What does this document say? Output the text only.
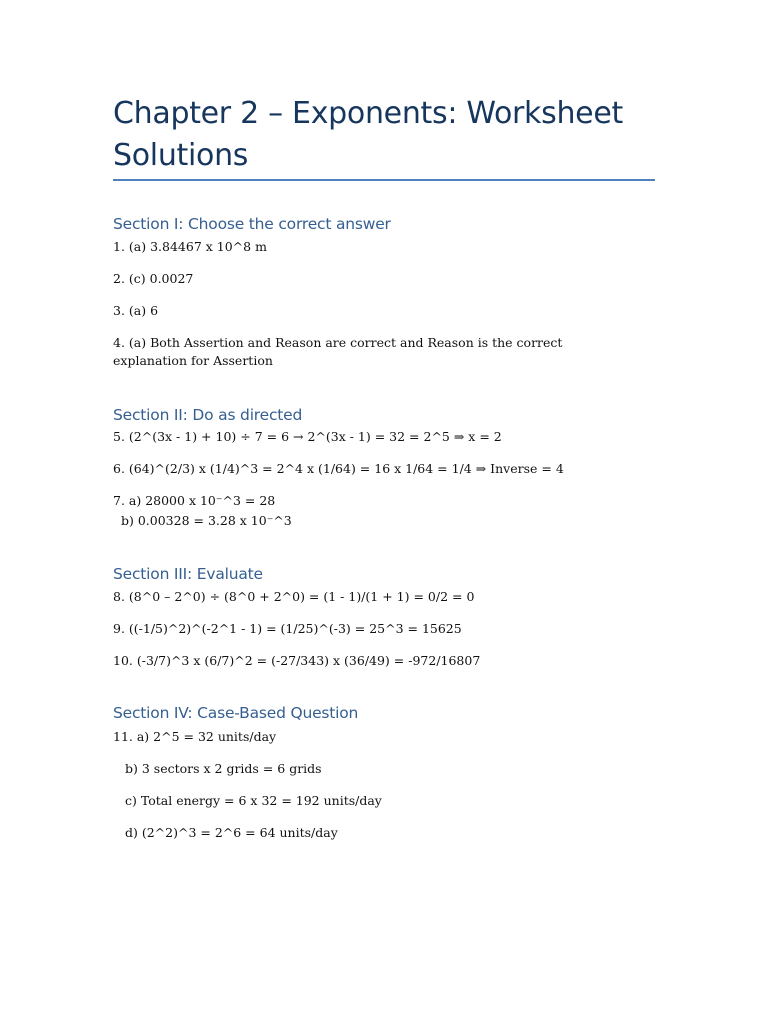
Chapter 2 – Exponents: Worksheet Solutions
Section I: Choose the correct answer

1. (a) 3.84467 x 10^8 m

2. (c) 0.0027

3. (a) 6

4. (a) Both Assertion and Reason are correct and Reason is the correct explanation for Assertion

Section II: Do as directed

5. (2^(3x - 1) + 10) ÷ 7 = 6 → 2^(3x - 1) = 32 = 2^5 ⇒ x = 2

6. (64)^(2/3) x (1/4)^3 = 2^4 x (1/64) = 16 x 1/64 = 1/4 ⇒ Inverse = 4

7. a) 28000 x 10⁻^3 = 28

b) 0.00328 = 3.28 x 10⁻^3

Section III: Evaluate

8. (8^0 – 2^0) ÷ (8^0 + 2^0) = (1 - 1)/(1 + 1) = 0/2 = 0

9. ((-1/5)^2)^(-2^1 - 1) = (1/25)^(-3) = 25^3 = 15625

10. (-3/7)^3 x (6/7)^2 = (-27/343) x (36/49) = -972/16807

Section IV: Case-Based Question

11. a) 2^5 = 32 units/day

b) 3 sectors x 2 grids = 6 grids

c) Total energy = 6 x 32 = 192 units/day

d) (2^2)^3 = 2^6 = 64 units/day
